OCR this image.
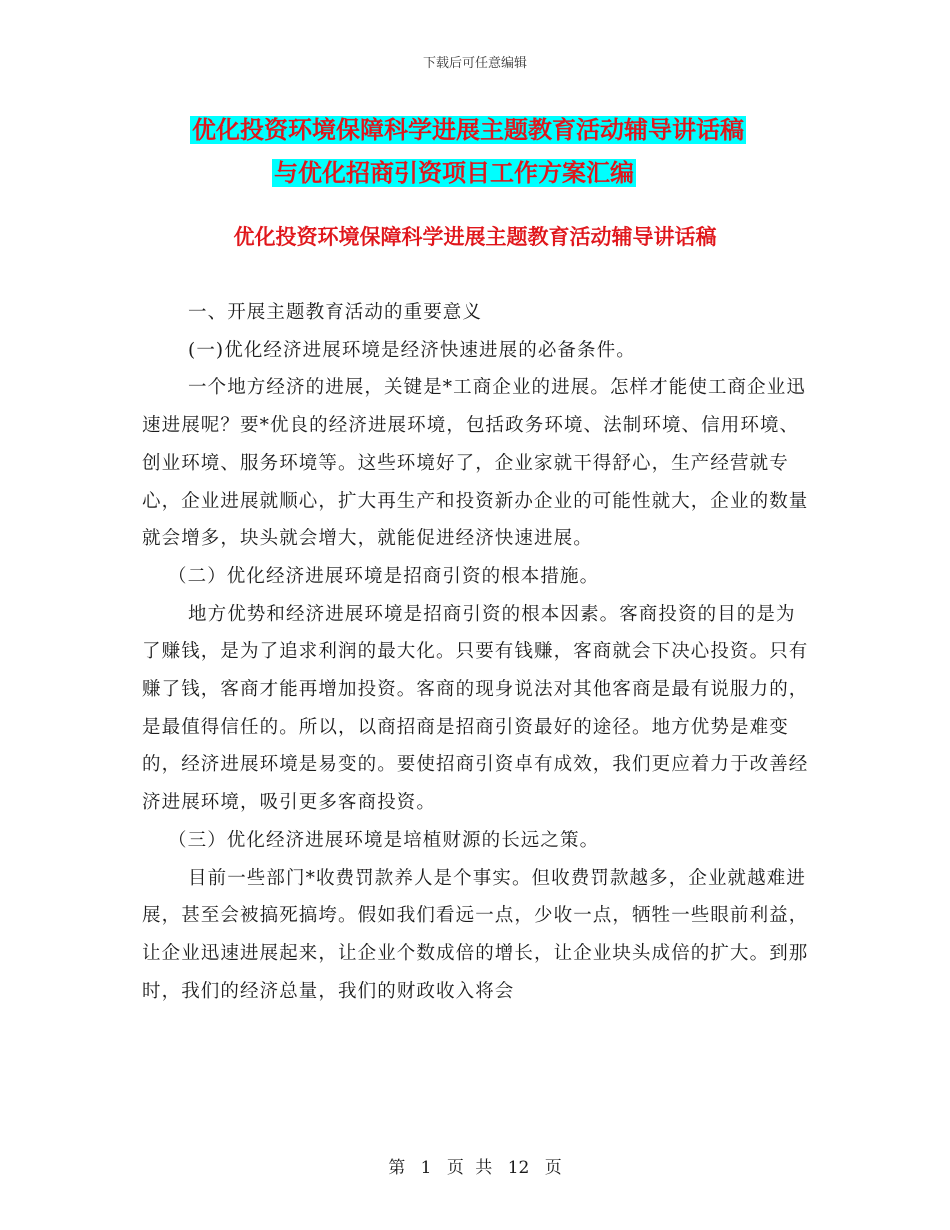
下载后可任意编辑
优化投资环境保障科学进展主题教育活动辅导讲话稿
与优化招商引资项目工作方案汇编
优化投资环境保障科学进展主题教育活动辅导讲话稿

一、开展主题教育活动的重要意义

(一)优化经济进展环境是经济快速进展的必备条件。

一个地方经济的进展，关键是*工商企业的进展。怎样才能使工商企业迅速进展呢？要*优良的经济进展环境，包括政务环境、法制环境、信用环境、创业环境、服务环境等。这些环境好了，企业家就干得舒心，生产经营就专心，企业进展就顺心，扩大再生产和投资新办企业的可能性就大，企业的数量就会增多，块头就会增大，就能促进经济快速进展。

（二）优化经济进展环境是招商引资的根本措施。

地方优势和经济进展环境是招商引资的根本因素。客商投资的目的是为了赚钱，是为了追求利润的最大化。只要有钱赚，客商就会下决心投资。只有赚了钱，客商才能再增加投资。客商的现身说法对其他客商是最有说服力的，是最值得信任的。所以，以商招商是招商引资最好的途径。地方优势是难变的，经济进展环境是易变的。要使招商引资卓有成效，我们更应着力于改善经济进展环境，吸引更多客商投资。

（三）优化经济进展环境是培植财源的长远之策。

目前一些部门*收费罚款养人是个事实。但收费罚款越多，企业就越难进展，甚至会被搞死搞垮。假如我们看远一点，少收一点，牺牲一些眼前利益，让企业迅速进展起来，让企业个数成倍的增长，让企业块头成倍的扩大。到那时，我们的经济总量，我们的财政收入将会

第 1 页 共 12 页
